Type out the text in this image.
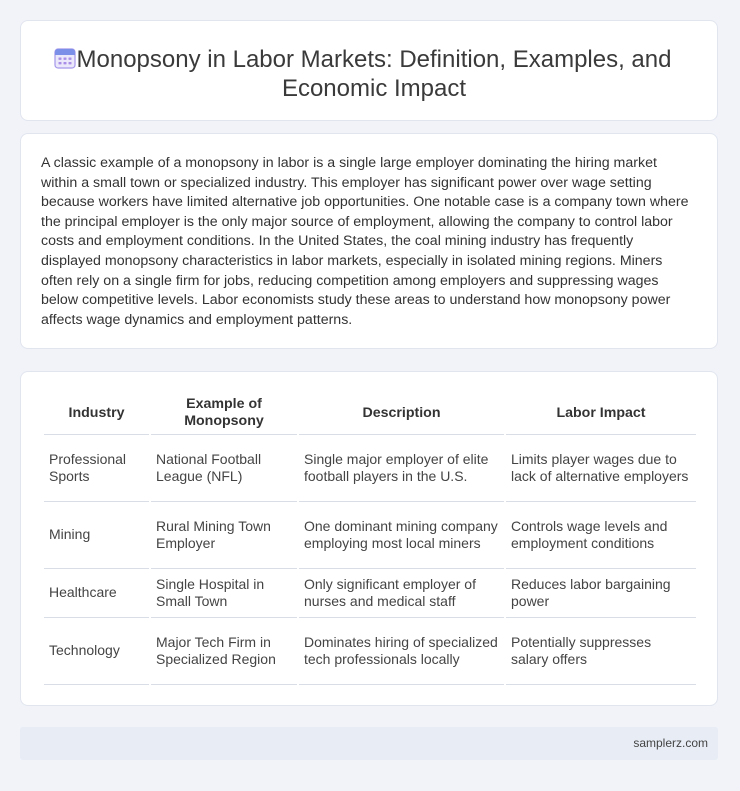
Monopsony in Labor Markets: Definition, Examples, and Economic Impact

A classic example of a monopsony in labor is a single large employer dominating the hiring market within a small town or specialized industry. This employer has significant power over wage setting because workers have limited alternative job opportunities. One notable case is a company town where the principal employer is the only major source of employment, allowing the company to control labor costs and employment conditions. In the United States, the coal mining industry has frequently displayed monopsony characteristics in labor markets, especially in isolated mining regions. Miners often rely on a single firm for jobs, reducing competition among employers and suppressing wages below competitive levels. Labor economists study these areas to understand how monopsony power affects wage dynamics and employment patterns.

Industry	Example of Monopsony	Description	Labor Impact
Professional Sports	National Football League (NFL)	Single major employer of elite football players in the U.S.	Limits player wages due to lack of alternative employers
Mining	Rural Mining Town Employer	One dominant mining company employing most local miners	Controls wage levels and employment conditions
Healthcare	Single Hospital in Small Town	Only significant employer of nurses and medical staff	Reduces labor bargaining power
Technology	Major Tech Firm in Specialized Region	Dominates hiring of specialized tech professionals locally	Potentially suppresses salary offers
samplerz.com
